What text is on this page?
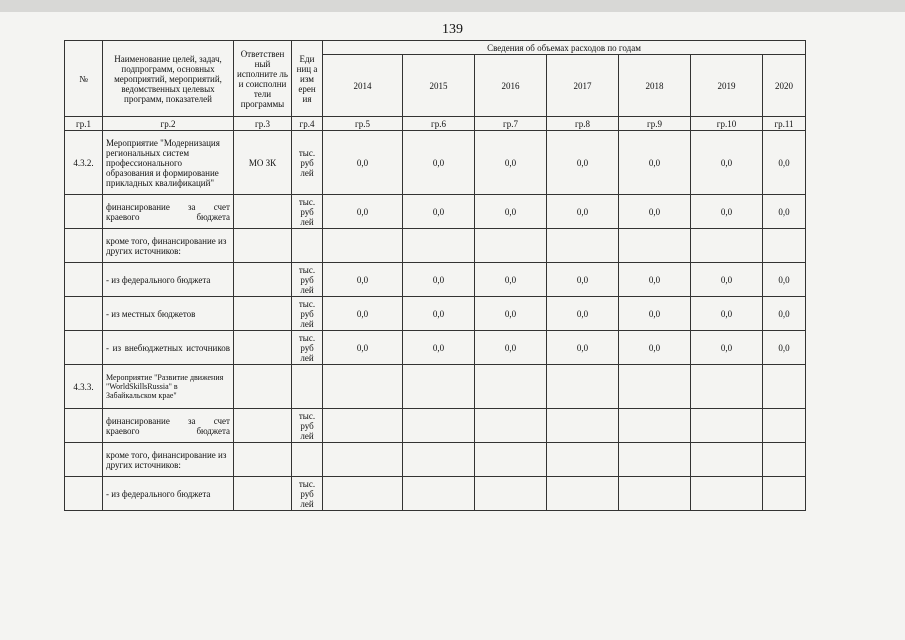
139
№	Наименование целей, задач, подпрограмм, основных мероприятий, мероприятий, ведомственных целевых программ, показателей	Ответствен ный исполните ль и соисполни тели программы	Еди ниц а изм ерен ия	Сведения об объемах расходов по годам						
				2014	2015	2016	2017	2018	2019	2020
гр.1	гр.2	гр.3	гр.4	гр.5	гр.6	гр.7	гр.8	гр.9	гр.10	гр.11
4.3.2.	Мероприятие "Модернизация региональных систем профессионального образования и формирование прикладных квалификаций"	МО ЗК	тыс. руб лей	0,0	0,0	0,0	0,0	0,0	0,0	0,0
	финансирование за счет краевого бюджета		тыс. руб лей	0,0	0,0	0,0	0,0	0,0	0,0	0,0
	кроме того, финансирование из других источников:									
	- из федерального бюджета		тыс. руб лей	0,0	0,0	0,0	0,0	0,0	0,0	0,0
	- из местных бюджетов		тыс. руб лей	0,0	0,0	0,0	0,0	0,0	0,0	0,0
	- из внебюджетных источников		тыс. руб лей	0,0	0,0	0,0	0,0	0,0	0,0	0,0
4.3.3.	Мероприятие "Развитие движения "WorldSkillsRussia" в Забайкальском крае"									
	финансирование за счет краевого бюджета		тыс. руб лей							
	кроме того, финансирование из других источников:									
	- из федерального бюджета		тыс. руб лей							
